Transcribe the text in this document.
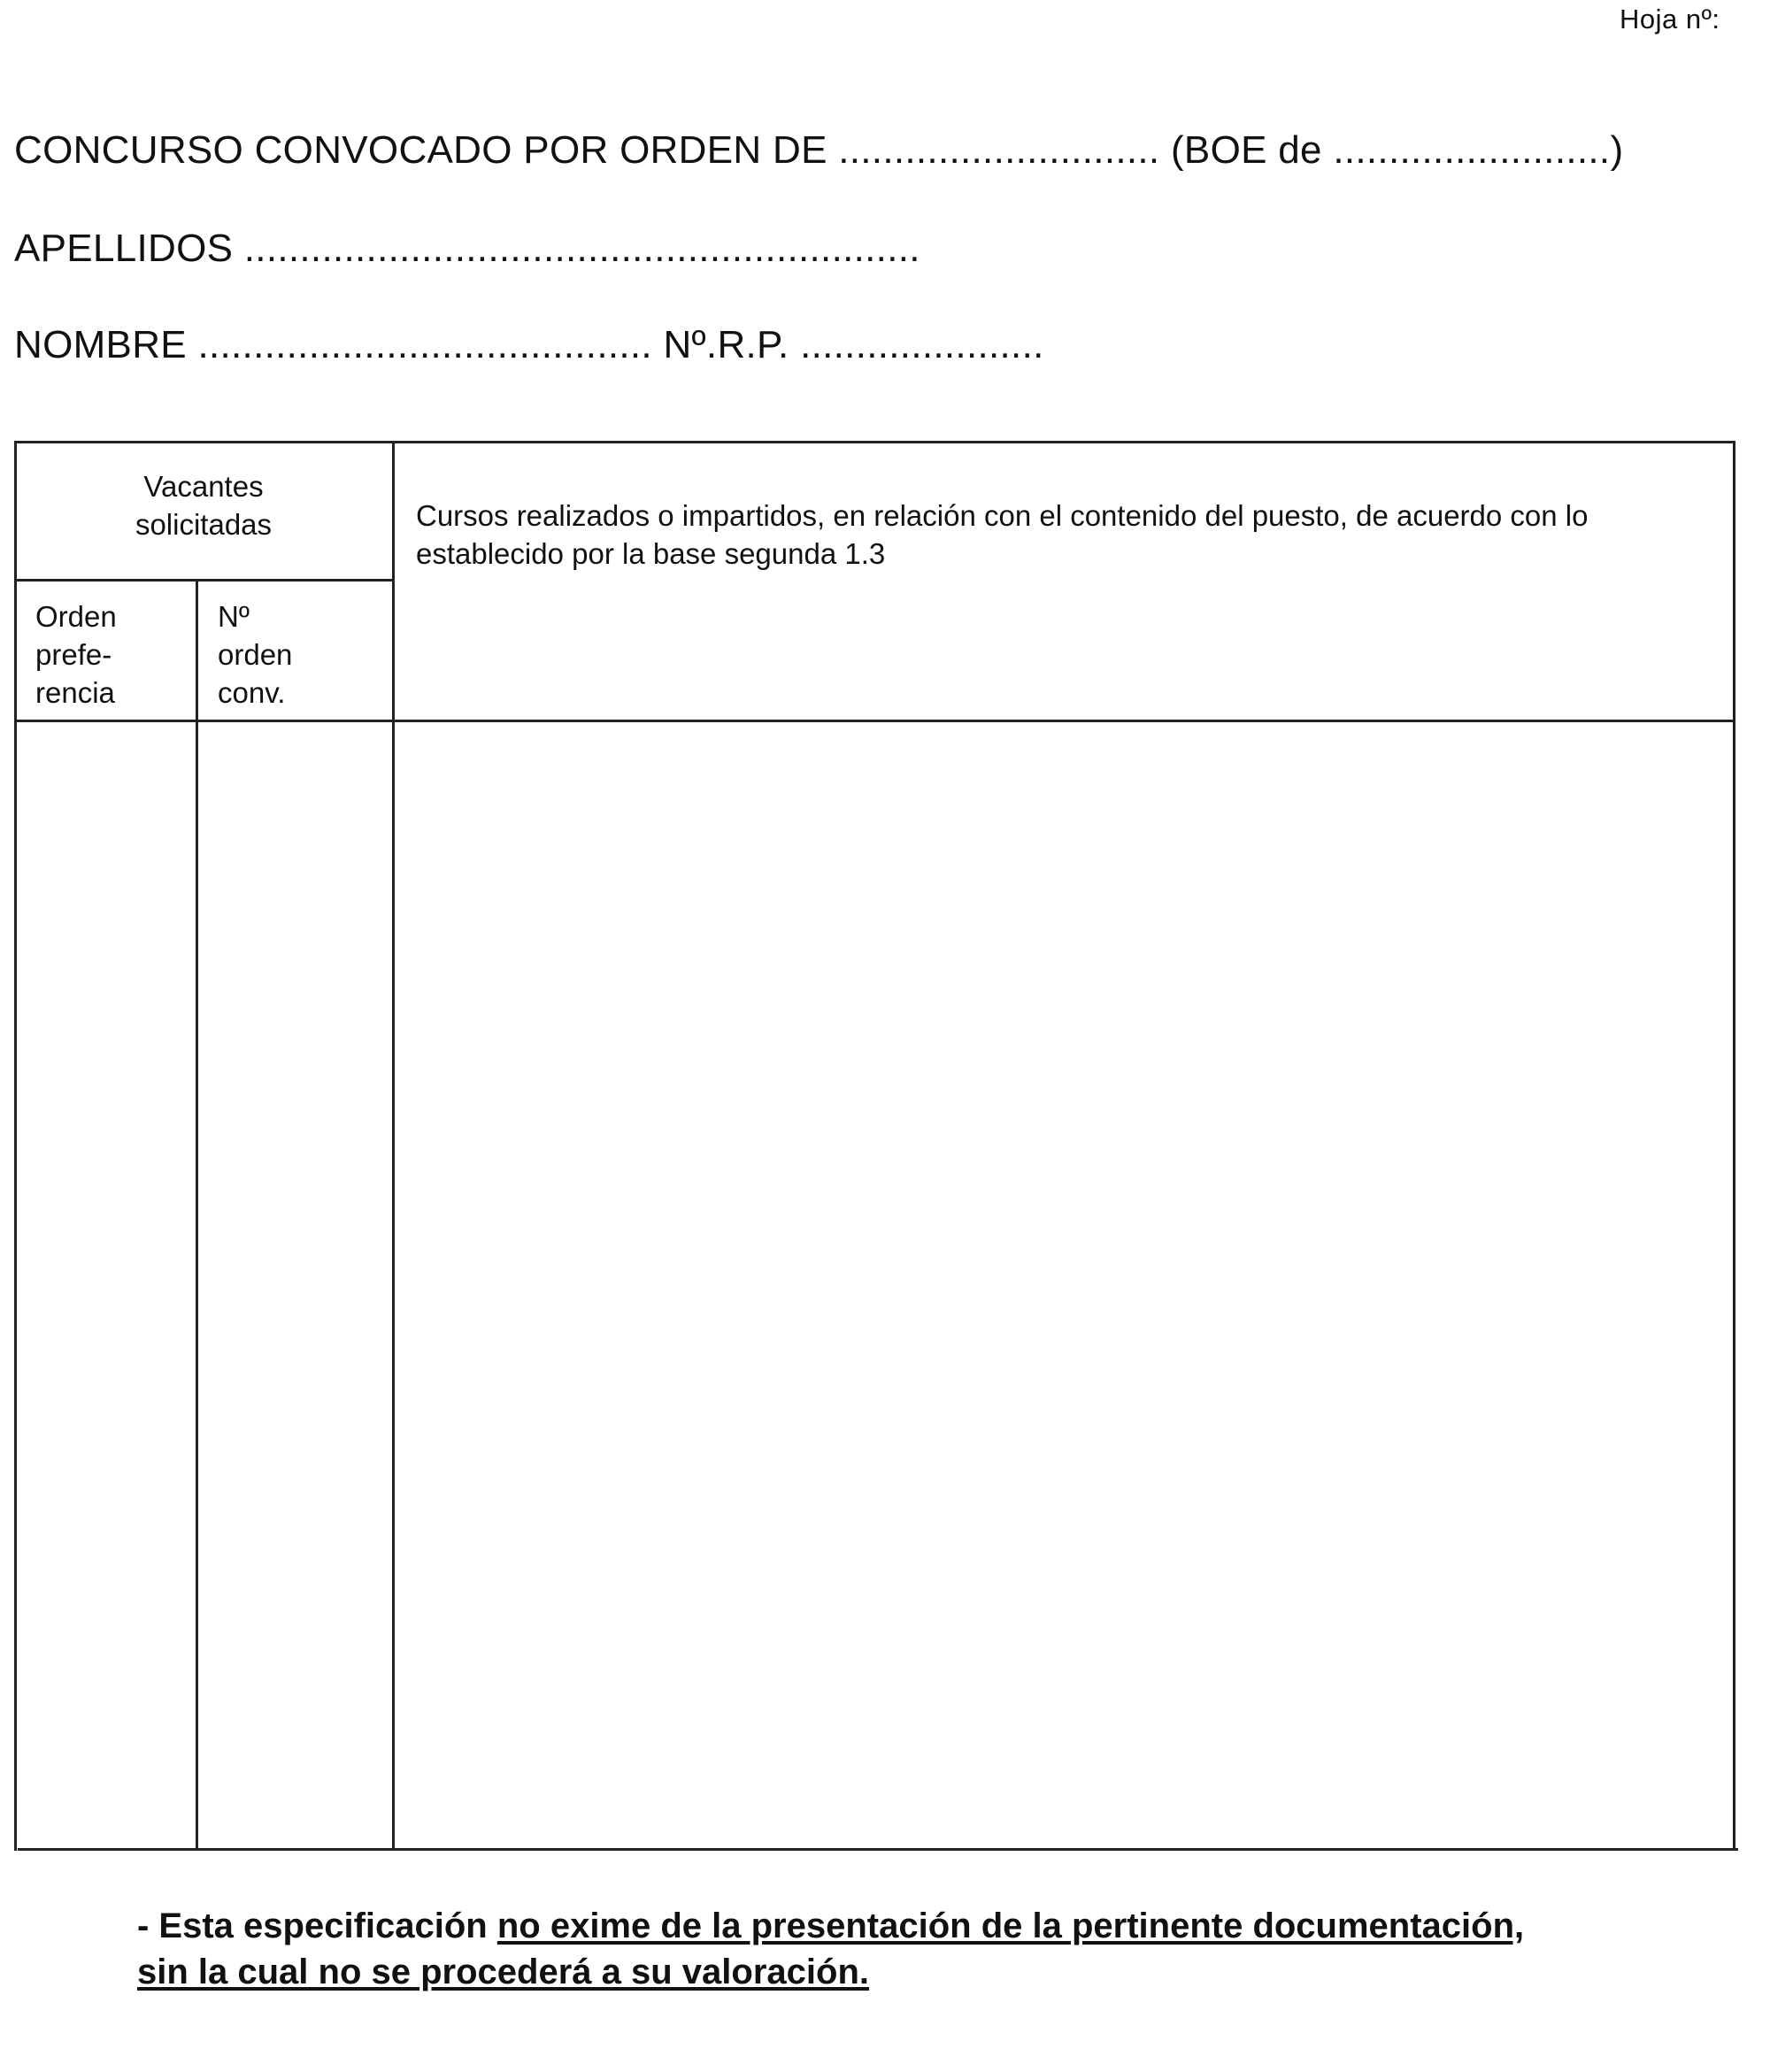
Hoja nº:
CONCURSO CONVOCADO POR ORDEN DE ............................. (BOE de .........................)
APELLIDOS .............................................................
NOMBRE ......................................... Nº.R.P. ......................
Vacantes
solicitadas	Cursos realizados o impartidos, en relación con el contenido del puesto, de acuerdo con lo establecido por la base segunda 1.3
Orden
prefe-
rencia
Nº
orden
conv.
- Esta especificación no exime de la presentación de la pertinente documentación,
sin la cual no se procederá a su valoración.
